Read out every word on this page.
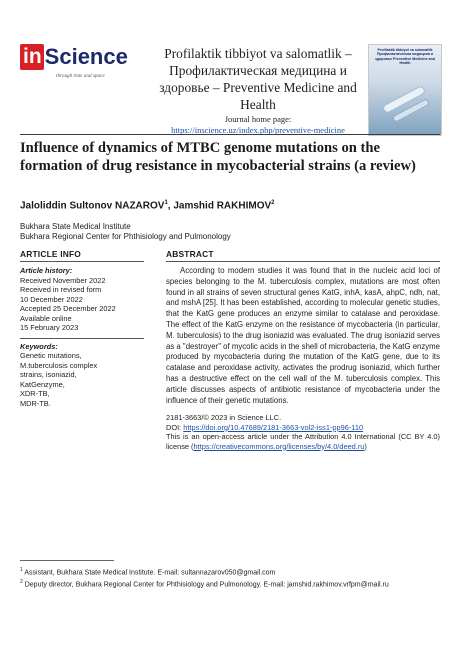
in Science
through time and space
Profilaktik tibbiyot va salomatlik – Профилактическая медицина и здоровье – Preventive Medicine and Health
Journal home page:
https://inscience.uz/index.php/preventive-medicine
Profilaktik tibbiyot va salomatlik Профилактическая медицина и здоровье Preventive Medicine and Health
Influence of dynamics of MTBC genome mutations on the formation of drug resistance in mycobacterial strains (a review)
Jaloliddin Sultonov NAZAROV$^1$, Jamshid RAKHIMOV$^2$
Bukhara State Medical Institute
Bukhara Regional Center for Phthisiology and Pulmonology
ARTICLE INFO
Article history:
Received November 2022
Received in revised form
10 December 2022
Accepted 25 December 2022
Available online
15 February 2023
Keywords:
Genetic mutations,
M.tuberculosis complex
strains, isoniazid,
KatGenzyme,
XDR-TB,
MDR-TB.
ABSTRACT
According to modern studies it was found that in the nucleic acid loci of species belonging to the M. tuberculosis complex, mutations are most often found in all strains of seven structural genes KatG, inhA, kasA, ahpC, ndh, nat, and mshA [25]. It has been established, according to molecular genetic studies, that the KatG gene produces an enzyme similar to catalase and peroxidase. The effect of the KatG enzyme on the resistance of mycobacteria (in particular, M. tuberculosis) to the drug isoniazid was evaluated. The drug isoniazid serves as a "destroyer" of mycolic acids in the shell of microbacteria, the KatG enzyme produced by mycobacteria during the mutation of the KatG gene, due to its catalase and peroxidase activity, activates the prodrug isoniazid, which further has a destructive effect on the cell wall of the M. tuberculosis complex. This article discusses aspects of antibiotic resistance of mycobacteria under the influence of their genetic mutations.
2181-3663/© 2023 in Science LLC.
DOI: https://doi.org/10.47689/2181-3663-vol2-iss1-pp96-110
This is an open-access article under the Attribution 4.0 International (CC BY 4.0) license (https://creativecommons.org/licenses/by/4.0/deed.ru)
$^1$ Assistant, Bukhara State Medical Institute. E-mail: sultannazarov050@gmail.com
$^2$ Deputy director, Bukhara Regional Center for Phthisiology and Pulmonology. E-mail: jamshid.rakhimov.vrfpm@mail.ru
